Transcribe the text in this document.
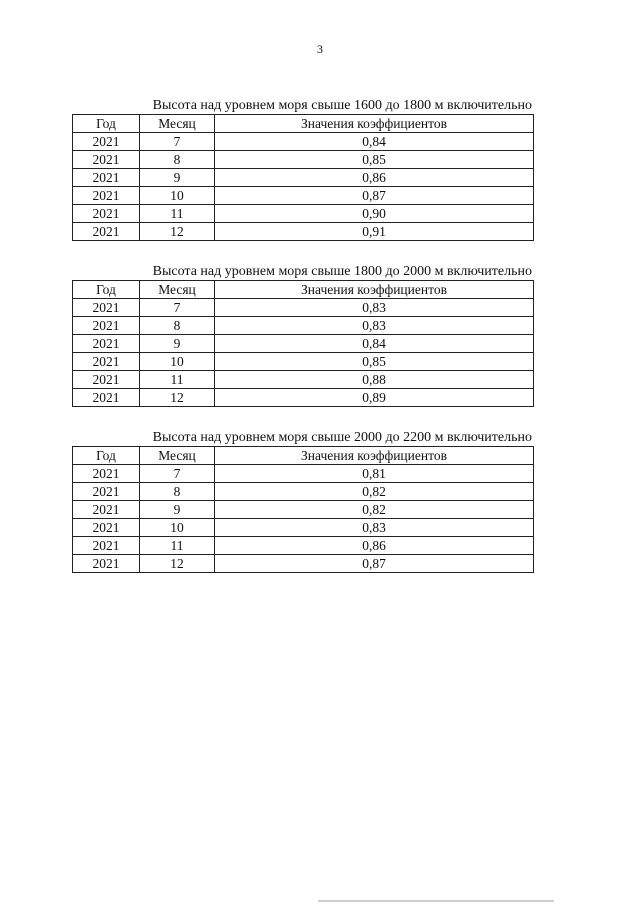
3
Высота над уровнем моря свыше 1600 до 1800 м включительно
Год	Месяц	Значения коэффициентов
2021	7	0,84
2021	8	0,85
2021	9	0,86
2021	10	0,87
2021	11	0,90
2021	12	0,91
Высота над уровнем моря свыше 1800 до 2000 м включительно
Год	Месяц	Значения коэффициентов
2021	7	0,83
2021	8	0,83
2021	9	0,84
2021	10	0,85
2021	11	0,88
2021	12	0,89
Высота над уровнем моря свыше 2000 до 2200 м включительно
Год	Месяц	Значения коэффициентов
2021	7	0,81
2021	8	0,82
2021	9	0,82
2021	10	0,83
2021	11	0,86
2021	12	0,87
